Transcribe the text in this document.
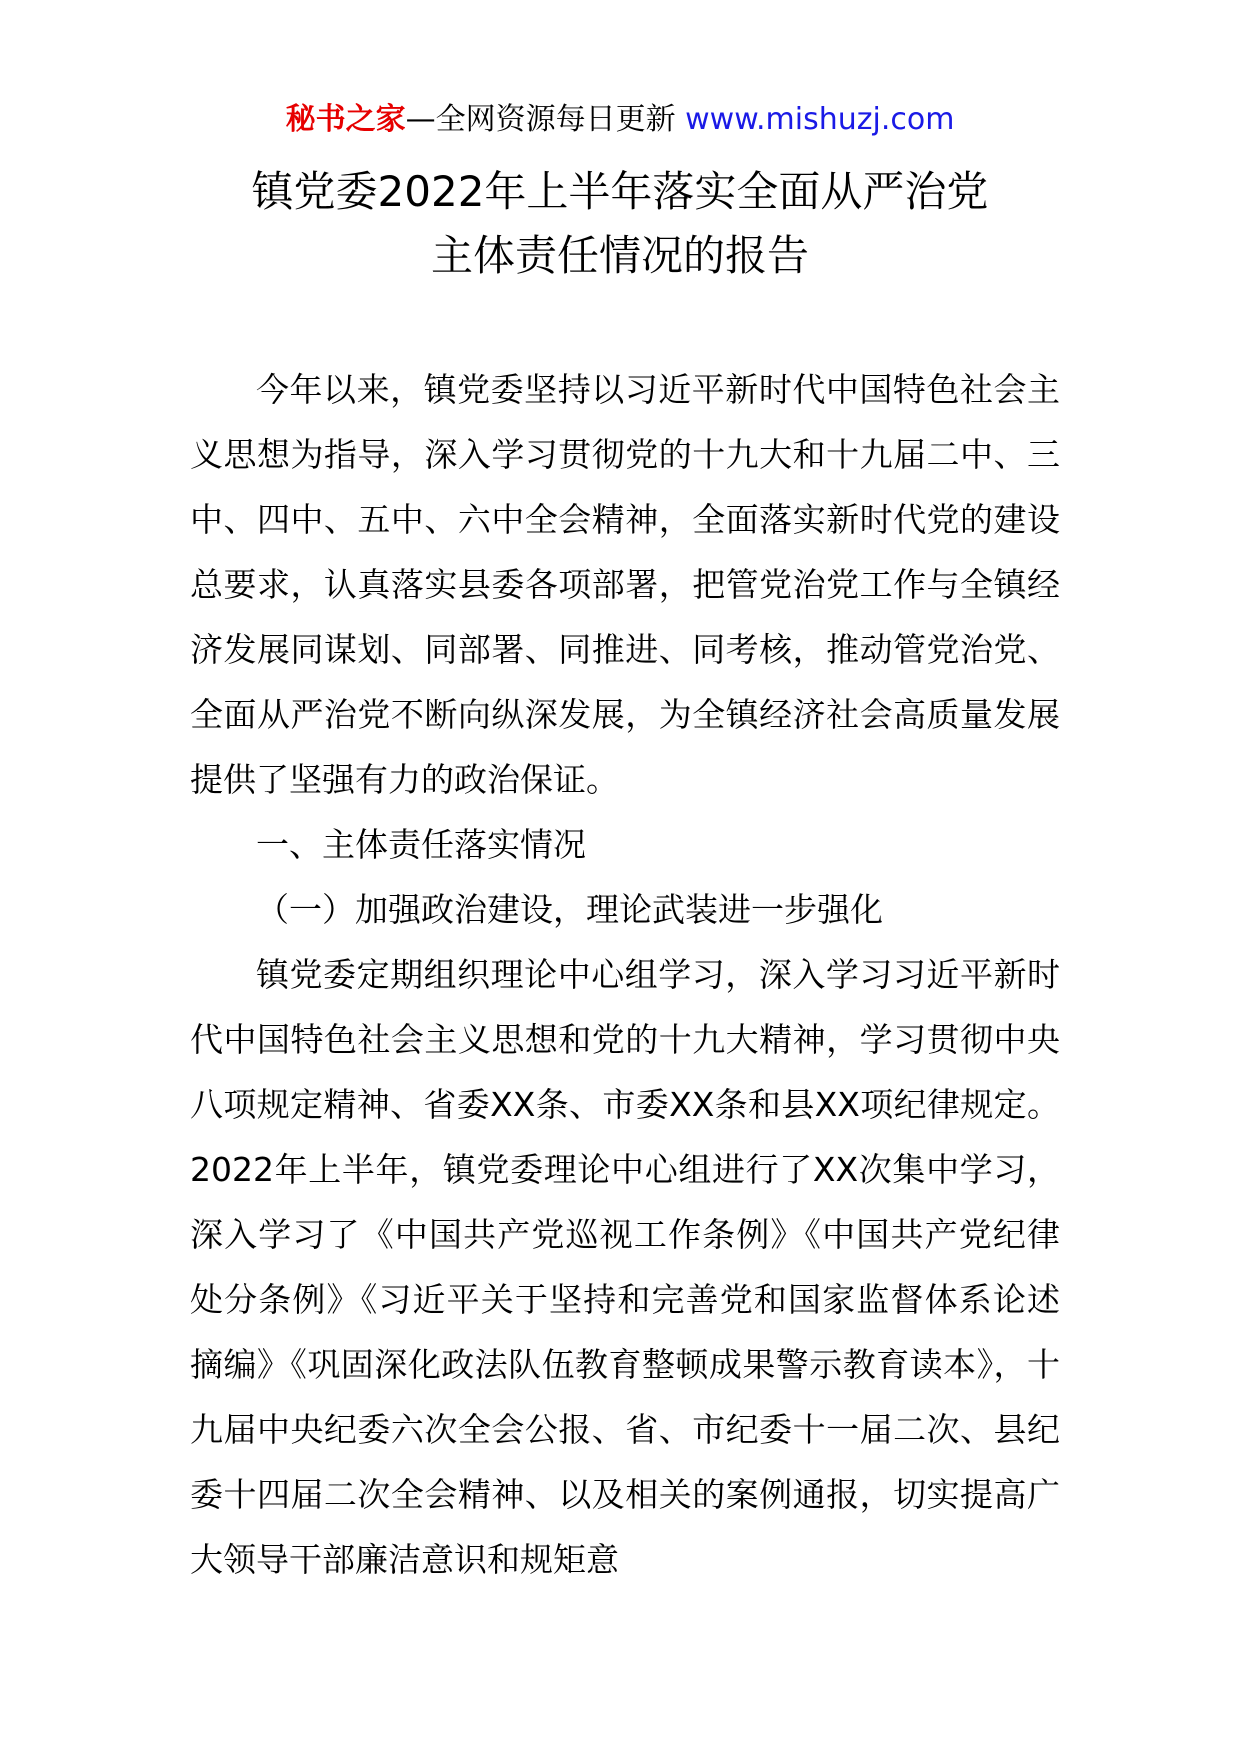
秘书之家—全网资源每日更新 www.mishuzj.com
镇党委2022年上半年落实全面从严治党
主体责任情况的报告

今年以来，镇党委坚持以习近平新时代中国特色社会主义思想为指导，深入学习贯彻党的十九大和十九届二中、三中、四中、五中、六中全会精神，全面落实新时代党的建设总要求，认真落实县委各项部署，把管党治党工作与全镇经济发展同谋划、同部署、同推进、同考核，推动管党治党、全面从严治党不断向纵深发展，为全镇经济社会高质量发展提供了坚强有力的政治保证。

一、主体责任落实情况

（一）加强政治建设，理论武装进一步强化

镇党委定期组织理论中心组学习，深入学习习近平新时代中国特色社会主义思想和党的十九大精神，学习贯彻中央八项规定精神、省委XX条、市委XX条和县XX项纪律规定。2022年上半年，镇党委理论中心组进行了XX次集中学习，深入学习了《中国共产党巡视工作条例》《中国共产党纪律处分条例》《习近平关于坚持和完善党和国家监督体系论述摘编》《巩固深化政法队伍教育整顿成果警示教育读本》，十九届中央纪委六次全会公报、省、市纪委十一届二次、县纪委十四届二次全会精神、以及相关的案例通报，切实提高广大领导干部廉洁意识和规矩意
